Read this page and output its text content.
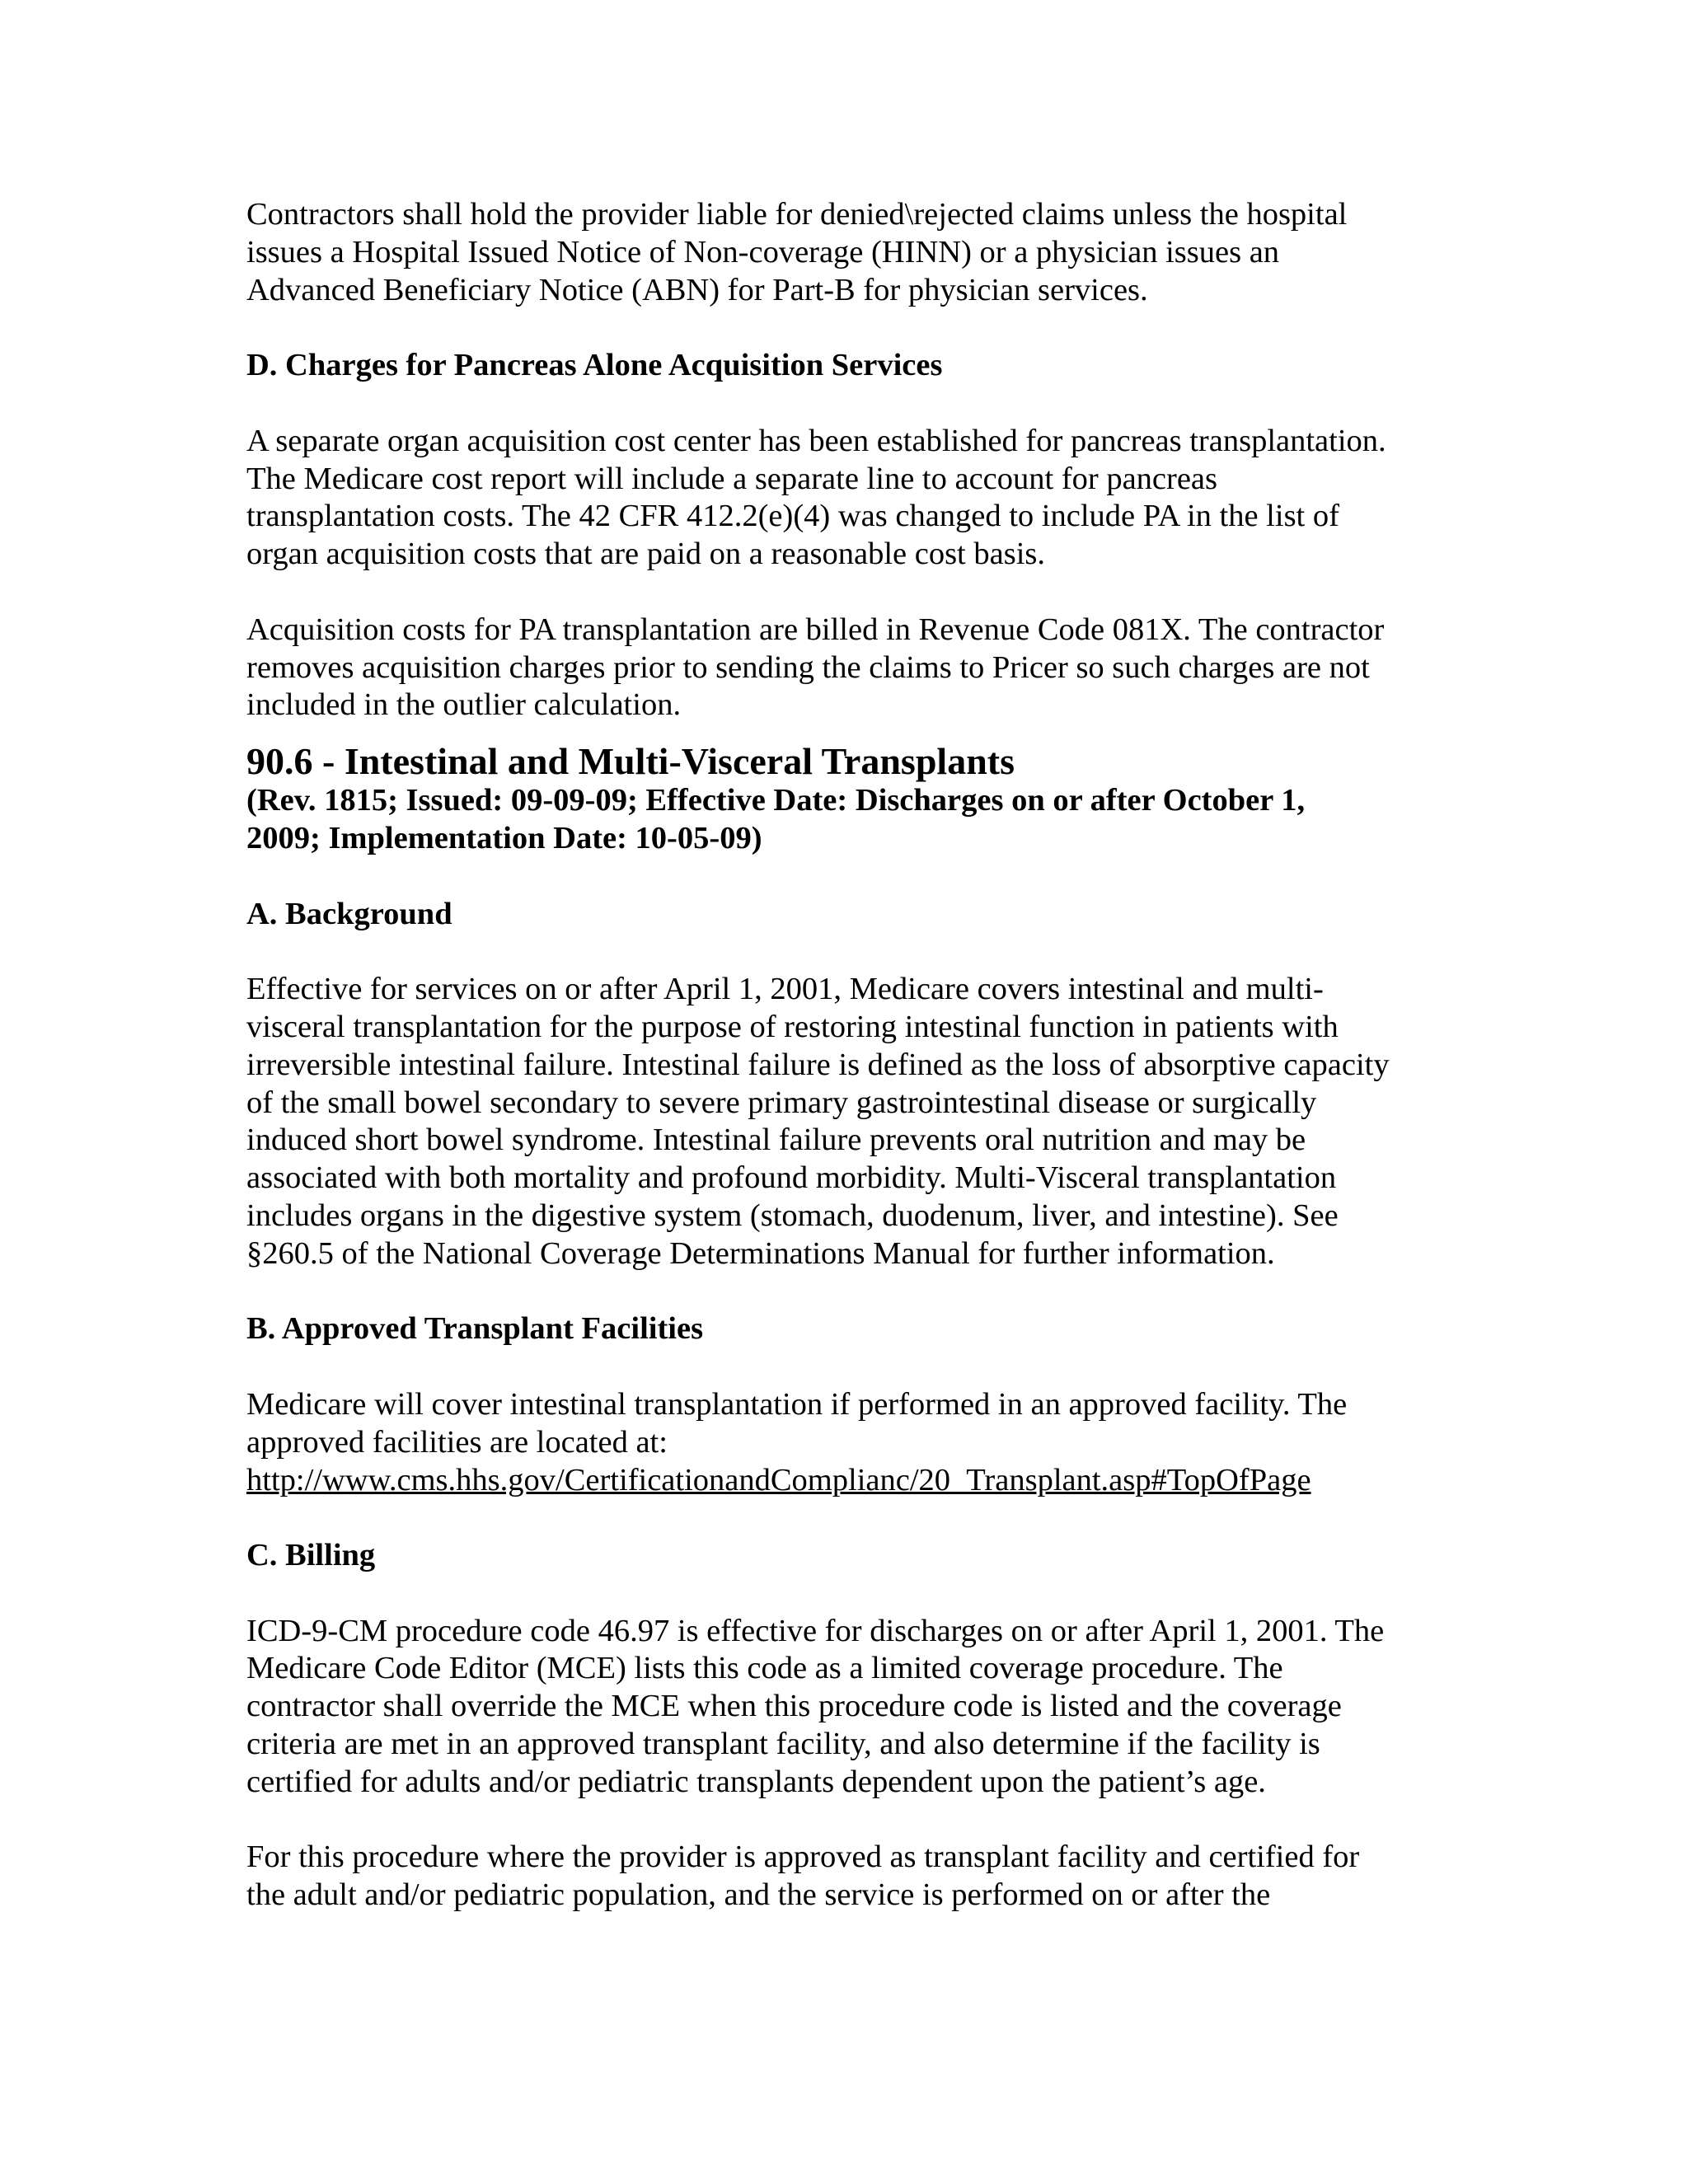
Contractors shall hold the provider liable for denied\rejected claims unless the hospital
issues a Hospital Issued Notice of Non-coverage (HINN) or a physician issues an
Advanced Beneficiary Notice (ABN) for Part-B for physician services.

D. Charges for Pancreas Alone Acquisition Services

A separate organ acquisition cost center has been established for pancreas transplantation.
The Medicare cost report will include a separate line to account for pancreas
transplantation costs. The 42 CFR 412.2(e)(4) was changed to include PA in the list of
organ acquisition costs that are paid on a reasonable cost basis.

Acquisition costs for PA transplantation are billed in Revenue Code 081X. The contractor
removes acquisition charges prior to sending the claims to Pricer so such charges are not
included in the outlier calculation.

90.6 - Intestinal and Multi-Visceral Transplants
(Rev. 1815; Issued: 09-09-09; Effective Date: Discharges on or after October 1,
2009; Implementation Date: 10-05-09)
A. Background

Effective for services on or after April 1, 2001, Medicare covers intestinal and multi-
visceral transplantation for the purpose of restoring intestinal function in patients with
irreversible intestinal failure. Intestinal failure is defined as the loss of absorptive capacity
of the small bowel secondary to severe primary gastrointestinal disease or surgically
induced short bowel syndrome. Intestinal failure prevents oral nutrition and may be
associated with both mortality and profound morbidity. Multi-Visceral transplantation
includes organs in the digestive system (stomach, duodenum, liver, and intestine). See
§260.5 of the National Coverage Determinations Manual for further information.

B. Approved Transplant Facilities

Medicare will cover intestinal transplantation if performed in an approved facility. The
approved facilities are located at:
http://www.cms.hhs.gov/CertificationandComplianc/20_Transplant.asp#TopOfPage

C. Billing

ICD-9-CM procedure code 46.97 is effective for discharges on or after April 1, 2001. The
Medicare Code Editor (MCE) lists this code as a limited coverage procedure. The
contractor shall override the MCE when this procedure code is listed and the coverage
criteria are met in an approved transplant facility, and also determine if the facility is
certified for adults and/or pediatric transplants dependent upon the patient’s age.

For this procedure where the provider is approved as transplant facility and certified for
the adult and/or pediatric population, and the service is performed on or after the
